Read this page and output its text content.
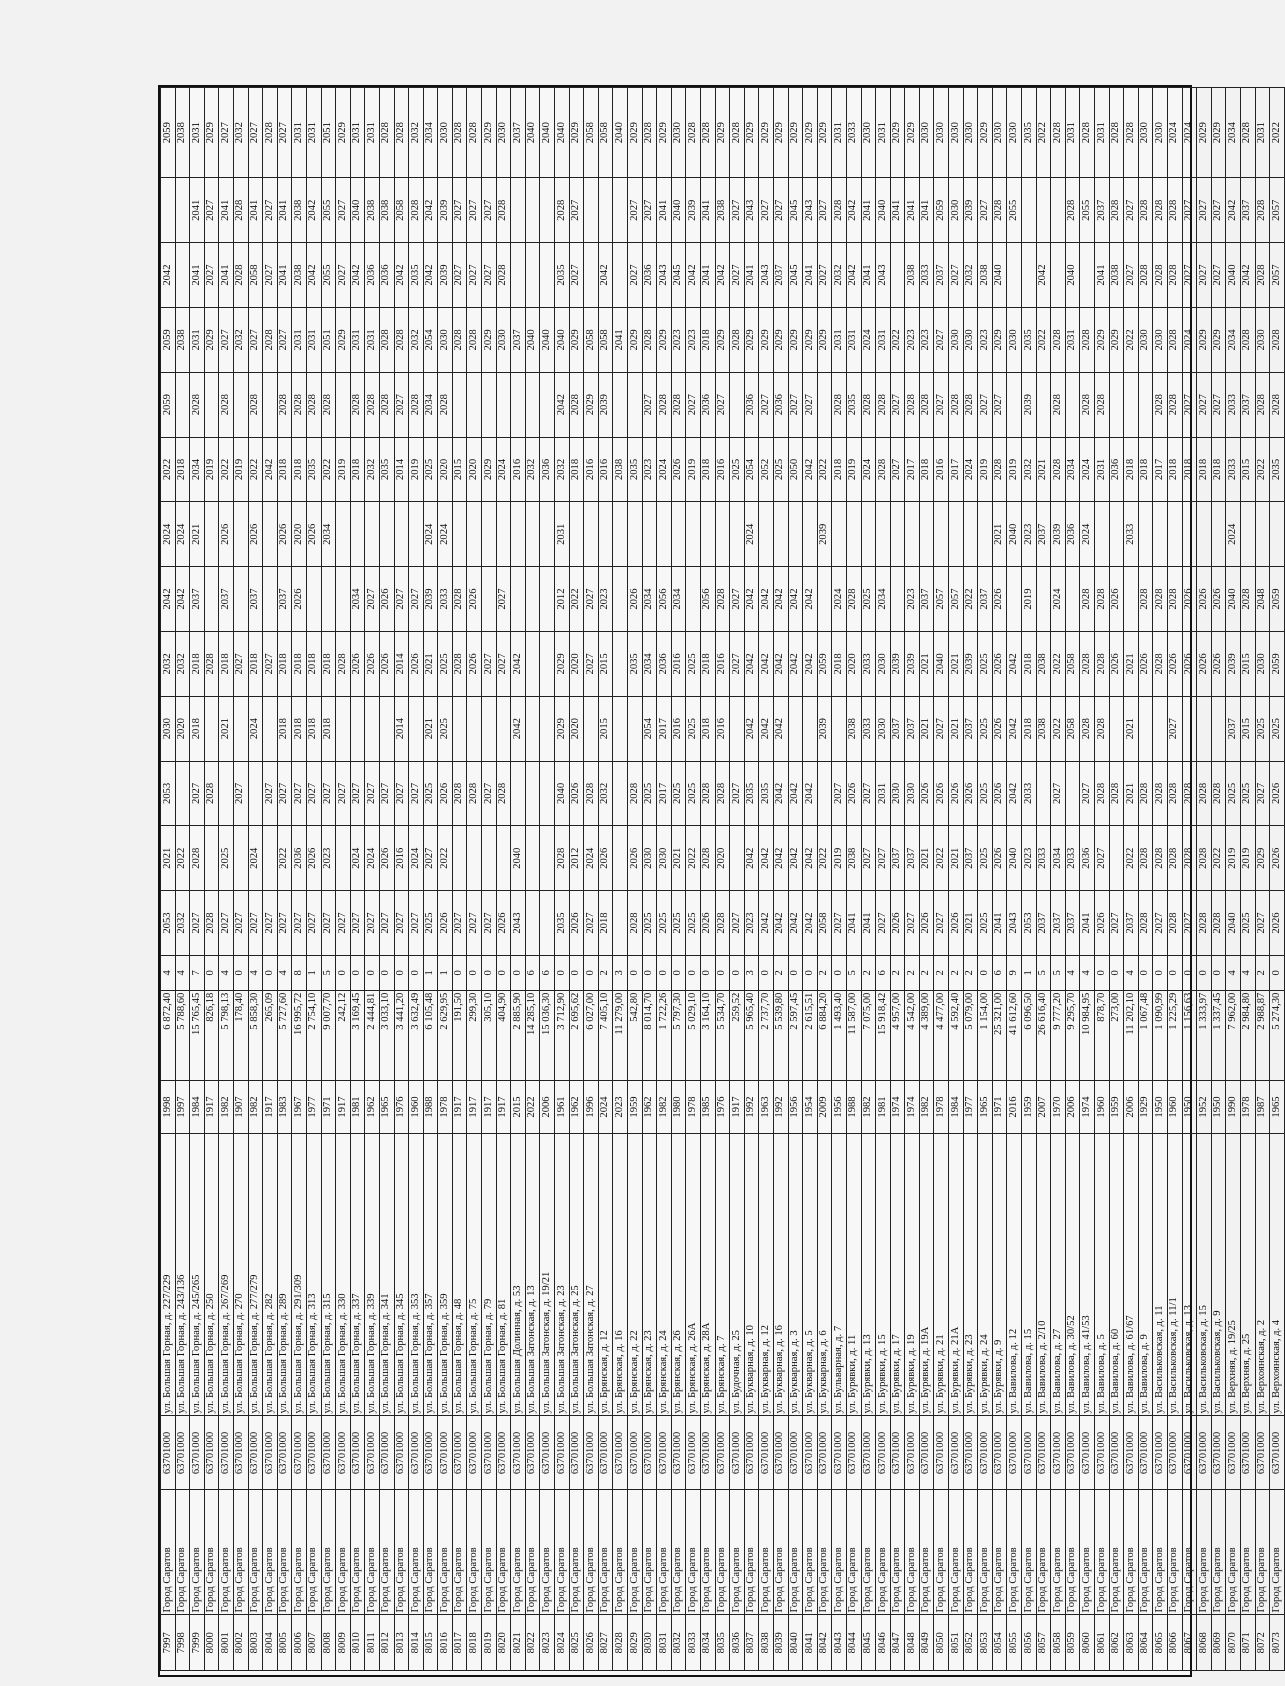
7997	Город Саратов	63701000	ул. Большая Горная, д. 227/229	1998	6 872,40	4	2053	2021	2053	2030	2032	2042	2024	2022	2059	2059	2042		2059
7998	Город Саратов	63701000	ул. Большая Горная, д. 243/136	1997	5 788,60	4	2032	2022		2020	2032	2042	2024	2018		2038			2038
7999	Город Саратов	63701000	ул. Большая Горная, д. 245/265	1984	15 765,45	7	2027	2028	2027	2018	2018	2037	2021	2034	2028	2031	2041	2041	2031
8000	Город Саратов	63701000	ул. Большая Горная, д. 250	1917	826,18	0	2028		2028		2028			2019		2029	2027	2027	2029
8001	Город Саратов	63701000	ул. Большая Горная, д. 267/269	1982	5 798,13	4	2027	2025		2021	2018	2037	2026	2022	2028	2027	2041	2041	2027
8002	Город Саратов	63701000	ул. Большая Горная, д. 270	1907	178,40	0	2027		2027		2027			2019		2032	2028	2028	2032
8003	Город Саратов	63701000	ул. Большая Горная, д. 277/279	1982	5 858,30	4	2027	2024		2024	2018	2037	2026	2022	2028	2027	2058	2041	2027
8004	Город Саратов	63701000	ул. Большая Горная, д. 282	1917	265,09	0	2027		2027		2027			2042		2028	2027	2027	2028
8005	Город Саратов	63701000	ул. Большая Горная, д. 289	1983	5 727,60	4	2027	2022	2027	2018	2018	2037	2026	2018	2028	2027	2041	2041	2027
8006	Город Саратов	63701000	ул. Большая Горная, д. 291/309	1967	16 995,72	8	2027	2036	2027	2018	2018	2026	2020	2018	2028	2031	2038	2038	2031
8007	Город Саратов	63701000	ул. Большая Горная, д. 313	1977	2 754,10	1	2027	2026	2027	2018	2018		2026	2035	2028	2031	2042	2042	2031
8008	Город Саратов	63701000	ул. Большая Горная, д. 315	1971	9 007,70	5	2027	2023	2027	2018	2018		2034	2022	2028	2051	2055	2055	2051
8009	Город Саратов	63701000	ул. Большая Горная, д. 330	1917	242,12	0	2027		2027		2028			2019		2029	2027	2027	2029
8010	Город Саратов	63701000	ул. Большая Горная, д. 337	1981	3 169,45	0	2027	2024	2027		2026	2034		2018	2028	2031	2042	2040	2031
8011	Город Саратов	63701000	ул. Большая Горная, д. 339	1962	2 444,81	0	2027	2024	2027		2026	2027		2032	2028	2031	2036	2038	2031
8012	Город Саратов	63701000	ул. Большая Горная, д. 341	1965	3 033,10	0	2027	2026	2027		2026	2026		2035	2028	2028	2036	2038	2028
8013	Город Саратов	63701000	ул. Большая Горная, д. 345	1976	3 441,20	0	2027	2016	2027	2014	2014	2027		2014	2027	2028	2042	2058	2028
8014	Город Саратов	63701000	ул. Большая Горная, д. 353	1960	3 632,49	0	2027	2024	2027		2026	2027		2019	2028	2032	2035	2028	2032
8015	Город Саратов	63701000	ул. Большая Горная, д. 357	1988	6 105,48	1	2025	2027	2025	2021	2021	2039	2024	2025	2034	2054	2042	2042	2034
8016	Город Саратов	63701000	ул. Большая Горная, д. 359	1978	2 629,95	1	2026	2022	2026	2025	2025	2033	2024	2020	2028	2030	2039	2039	2030
8017	Город Саратов	63701000	ул. Большая Горная, д. 48	1917	191,50	0	2027		2028		2028	2028		2015		2028	2027	2027	2028
8018	Город Саратов	63701000	ул. Большая Горная, д. 75	1917	299,30	0	2027		2028		2026	2026		2020		2028	2027	2027	2028
8019	Город Саратов	63701000	ул. Большая Горная, д. 79	1917	305,10	0	2027		2027		2027			2029		2029	2027	2027	2029
8020	Город Саратов	63701000	ул. Большая Горная, д. 81	1917	404,90	0	2026		2028		2027	2027		2024		2030	2028	2028	2030
8021	Город Саратов	63701000	ул. Большая Долинная, д. 53	2015	2 885,90	0	2043	2040		2042	2042			2016		2037			2037
8022	Город Саратов	63701000	ул. Большая Затонская, д. 13	2022	14 285,10	6								2032		2040			2040
8023	Город Саратов	63701000	ул. Большая Затонская, д. 19/21	2006	15 036,30	6								2036		2040			2040
8024	Город Саратов	63701000	ул. Большая Затонская, д. 23	1961	3 712,90	0	2035	2028	2040	2029	2029	2012	2031	2032	2042	2040	2035	2028	2040
8025	Город Саратов	63701000	ул. Большая Затонская, д. 25	1962	2 695,62	0	2026	2012	2026	2020	2020	2022		2018	2028	2029	2027	2027	2029
8026	Город Саратов	63701000	ул. Большая Затонская, д. 27	1996	6 027,00	0	2027	2024	2028		2027	2027		2016	2029	2058			2058
8027	Город Саратов	63701000	ул. Брянская, д. 12	2024	7 405,10	2	2018	2026	2032	2015	2015	2023		2016	2039	2058	2042		2058
8028	Город Саратов	63701000	ул. Брянская, д. 16	2023	11 279,00	3								2038		2041			2040
8029	Город Саратов	63701000	ул. Брянская, д. 22	1959	542,80	0	2028	2026	2028		2035	2026		2035		2029	2027	2027	2029
8030	Город Саратов	63701000	ул. Брянская, д. 23	1962	8 014,70	0	2025	2030	2025	2054	2034	2034		2023	2027	2028	2036	2027	2028
8031	Город Саратов	63701000	ул. Брянская, д. 24	1982	1 722,26	0	2025	2030	2017	2017	2036	2056		2024	2028	2029	2043	2041	2029
8032	Город Саратов	63701000	ул. Брянская, д. 26	1980	5 797,30	0	2025	2021	2025	2016	2016	2034		2026	2028	2023	2045	2040	2030
8033	Город Саратов	63701000	ул. Брянская, д. 26А	1978	5 029,10	0	2025	2022	2025	2025	2025			2019	2027	2023	2042	2039	2028
8034	Город Саратов	63701000	ул. Брянская, д. 28А	1985	3 164,10	0	2026	2028	2028	2018	2018	2056		2018	2036	2018	2041	2041	2028
8035	Город Саратов	63701000	ул. Брянская, д. 7	1976	5 534,70	0	2028	2020	2028	2016	2016	2028		2016	2027	2029	2042	2038	2029
8036	Город Саратов	63701000	ул. Будочная, д. 25	1917	259,52	0	2027		2027		2027	2027		2025		2028	2027	2027	2028
8037	Город Саратов	63701000	ул. Букварная, д. 10	1992	5 965,40	3	2023	2042	2035	2042	2042	2042	2024	2054	2036	2029	2041	2043	2029
8038	Город Саратов	63701000	ул. Букварная, д. 12	1963	2 737,70	0	2042	2042	2035	2042	2042	2042		2052	2027	2029	2043	2027	2029
8039	Город Саратов	63701000	ул. Букварная, д. 16	1992	5 539,80	2	2042	2042	2042	2042	2042	2042		2025	2036	2029	2037	2027	2029
8040	Город Саратов	63701000	ул. Букварная, д. 3	1956	2 597,45	0	2042	2042	2042		2042	2042		2050	2027	2029	2045	2045	2029
8041	Город Саратов	63701000	ул. Букварная, д. 5	1954	2 615,51	0	2042	2042	2042		2042	2042		2042	2027	2029	2041	2043	2029
8042	Город Саратов	63701000	ул. Букварная, д. 6	2009	6 884,20	2	2058	2022		2039	2059		2039	2022		2029	2027	2027	2029
8043	Город Саратов	63701000	ул. Бульварная, д. 7	1956	1 493,40	0	2027	2019	2027		2018	2024		2018	2028	2031	2032	2028	2031
8044	Город Саратов	63701000	ул. Бурявки, д. 11	1988	11 587,00	5	2041	2038	2026	2038	2020	2028		2019	2035	2031	2042	2042	2033
8045	Город Саратов	63701000	ул. Бурявки, д. 13	1982	7 075,00	2	2041	2027	2027	2033	2033	2025		2024	2028	2024	2041	2041	2030
8046	Город Саратов	63701000	ул. Бурявки, д. 15	1981	15 918,42	6	2027	2027	2031	2030	2030	2034		2028	2028	2031	2043	2040	2031
8047	Город Саратов	63701000	ул. Бурявки, д. 17	1974	4 957,00	2	2026	2037	2030	2037	2039			2027	2027	2022		2041	2029
8048	Город Саратов	63701000	ул. Бурявки, д. 19	1974	4 542,00	2	2027	2037	2030	2037	2039	2023		2017	2028	2023	2038	2041	2029
8049	Город Саратов	63701000	ул. Бурявки, д. 19А	1982	4 389,00	2	2026	2021	2026	2021	2021	2037		2018	2028	2023	2033	2041	2030
8050	Город Саратов	63701000	ул. Бурявки, д. 21	1978	4 477,00	2	2027	2022	2026	2027	2040	2057		2016	2027	2027	2037	2059	2030
8051	Город Саратов	63701000	ул. Бурявки, д. 21А	1984	4 592,40	2	2026	2021	2026	2021	2021	2057		2017	2028	2030	2027	2030	2030
8052	Город Саратов	63701000	ул. Бурявки, д. 23	1977	5 079,00	2	2021	2037	2026	2037	2039	2022		2024	2028	2030	2032	2039	2030
8053	Город Саратов	63701000	ул. Бурявки, д. 24	1965	1 154,00	0	2025	2025	2025	2025	2025	2037		2019	2027	2023	2038	2027	2029
8054	Город Саратов	63701000	ул. Бурявки, д. 9	1971	25 321,00	6	2041	2026	2026	2026	2026	2026	2021	2028	2027	2029	2040	2028	2030
8055	Город Саратов	63701000	ул. Вавилова, д. 12	2016	41 612,60	9	2043	2040	2042	2042	2042		2040	2019		2030		2055	2030
8056	Город Саратов	63701000	ул. Вавилова, д. 15	1959	6 096,50	1	2053	2023	2033	2018	2018	2019	2023	2032	2039	2035			2035
8057	Город Саратов	63701000	ул. Вавилова, д. 2/10	2007	26 616,40	5	2037	2033		2038	2038		2037	2021		2022	2042		2022
8058	Город Саратов	63701000	ул. Вавилова, д. 27	1970	9 777,20	5	2037	2034	2027	2022	2022	2024	2039	2028	2028	2028			2028
8059	Город Саратов	63701000	ул. Вавилова, д. 30/52	2006	9 295,70	4	2037	2033		2058	2058		2036	2034		2031	2040	2028	2031
8060	Город Саратов	63701000	ул. Вавилова, д. 41/53	1974	10 984,95	4	2041	2036	2027	2028	2028	2028	2024	2024	2028	2028		2055	2028
8061	Город Саратов	63701000	ул. Вавилова, д. 5	1960	878,70	0	2026	2027	2028	2028	2028	2028		2031	2028	2029	2041	2037	2031
8062	Город Саратов	63701000	ул. Вавилова, д. 60	1959	273,00	0	2027		2028		2026	2026		2036		2029	2038	2028	2028
8063	Город Саратов	63701000	ул. Вавилова, д. 61/67	2006	11 202,10	4	2037	2022	2021	2021	2021		2033	2018		2022	2027	2027	2028
8064	Город Саратов	63701000	ул. Вавилова, д. 9	1929	1 067,48	0	2028	2028	2028		2026	2028		2018		2030	2028	2028	2030
8065	Город Саратов	63701000	ул. Васильковская, д. 11	1950	1 090,99	0	2027	2028	2028		2028	2028		2017	2028	2030	2028	2028	2030
8066	Город Саратов	63701000	ул. Васильковская, д. 11/1	1960	1 225,29	0	2028	2028	2028	2027	2026	2028		2018	2028	2028	2028	2028	2024
8067	Город Саратов	63701000	ул. Васильковская, д. 13	1950	1 156,63	0	2027	2028	2028		2026	2026		2018	2027	2024	2027	2027	2024
8068	Город Саратов	63701000	ул. Васильковская, д. 15	1952	1 333,97	0	2028	2028	2028		2026	2026		2018	2027	2029	2027	2027	2029
8069	Город Саратов	63701000	ул. Васильковская, д. 9	1950	1 337,45	0	2028	2022	2028		2026	2026		2018	2027	2029	2027	2027	2029
8070	Город Саратов	63701000	ул. Верхняя, д. 19/25	1990	7 962,00	4	2040	2019	2025	2037	2039	2040	2024	2033	2033	2034	2040	2042	2034
8071	Город Саратов	63701000	ул. Верхняя, д. 25	1978	2 984,80	4	2025	2019	2025	2015	2015	2028		2015	2037	2028	2042	2037	2028
8072	Город Саратов	63701000	ул. Верхоянская, д. 2	1987	2 988,87	2	2027	2029	2027	2025	2030	2048		2022	2028	2030	2028	2028	2031
8073	Город Саратов	63701000	ул. Верхоянская, д. 4	1965	5 274,30	0	2026	2026	2026	2025	2059	2059		2035	2028	2028	2057	2057	2022
